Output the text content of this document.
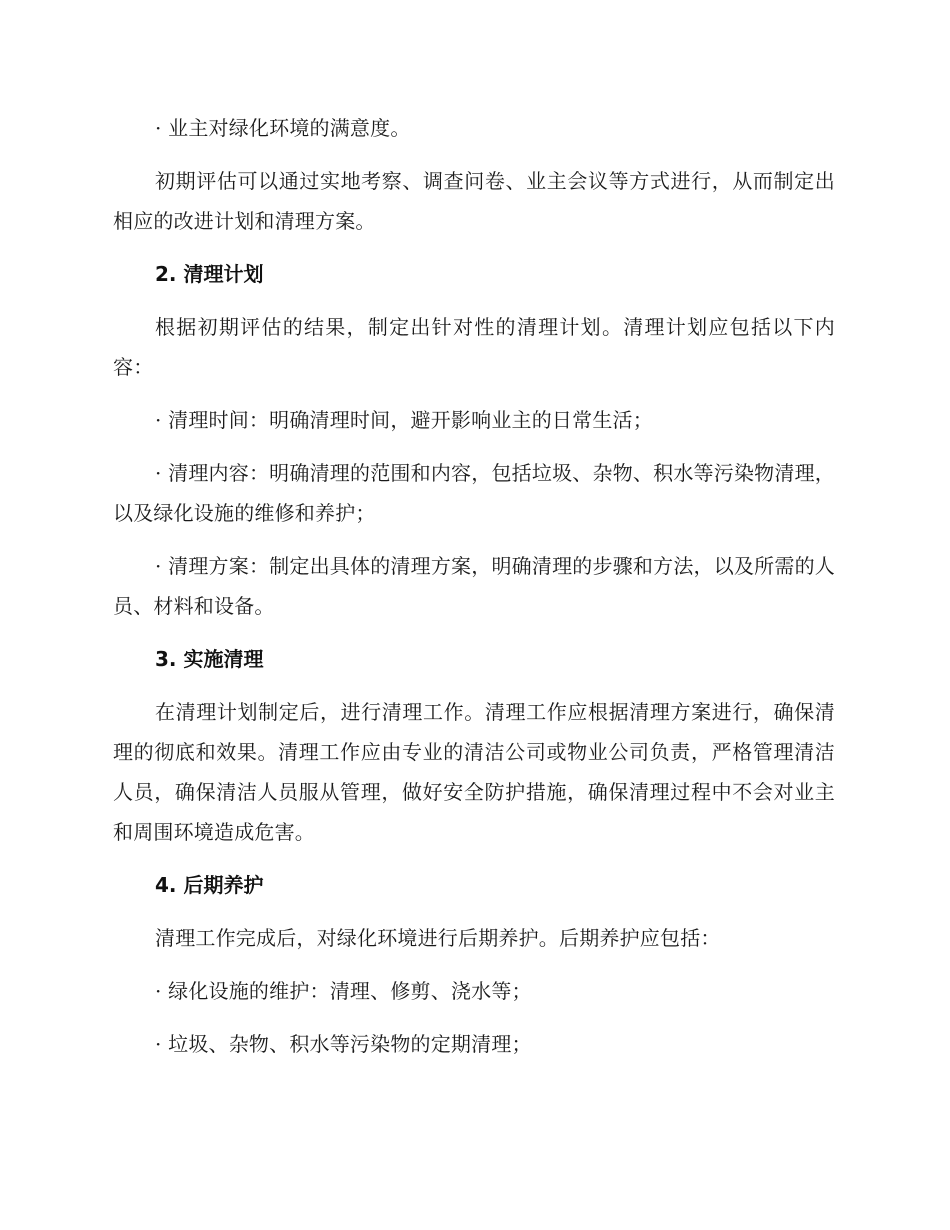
· 业主对绿化环境的满意度。

初期评估可以通过实地考察、调查问卷、业主会议等方式进行，从而制定出相应的改进计划和清理方案。

2. 清理计划

根据初期评估的结果，制定出针对性的清理计划。清理计划应包括以下内容：

· 清理时间：明确清理时间，避开影响业主的日常生活；

· 清理内容：明确清理的范围和内容，包括垃圾、杂物、积水等污染物清理，以及绿化设施的维修和养护；

· 清理方案：制定出具体的清理方案，明确清理的步骤和方法，以及所需的人员、材料和设备。

3. 实施清理

在清理计划制定后，进行清理工作。清理工作应根据清理方案进行，确保清理的彻底和效果。清理工作应由专业的清洁公司或物业公司负责，严格管理清洁人员，确保清洁人员服从管理，做好安全防护措施，确保清理过程中不会对业主和周围环境造成危害。

4. 后期养护

清理工作完成后，对绿化环境进行后期养护。后期养护应包括：

· 绿化设施的维护：清理、修剪、浇水等；

· 垃圾、杂物、积水等污染物的定期清理；
